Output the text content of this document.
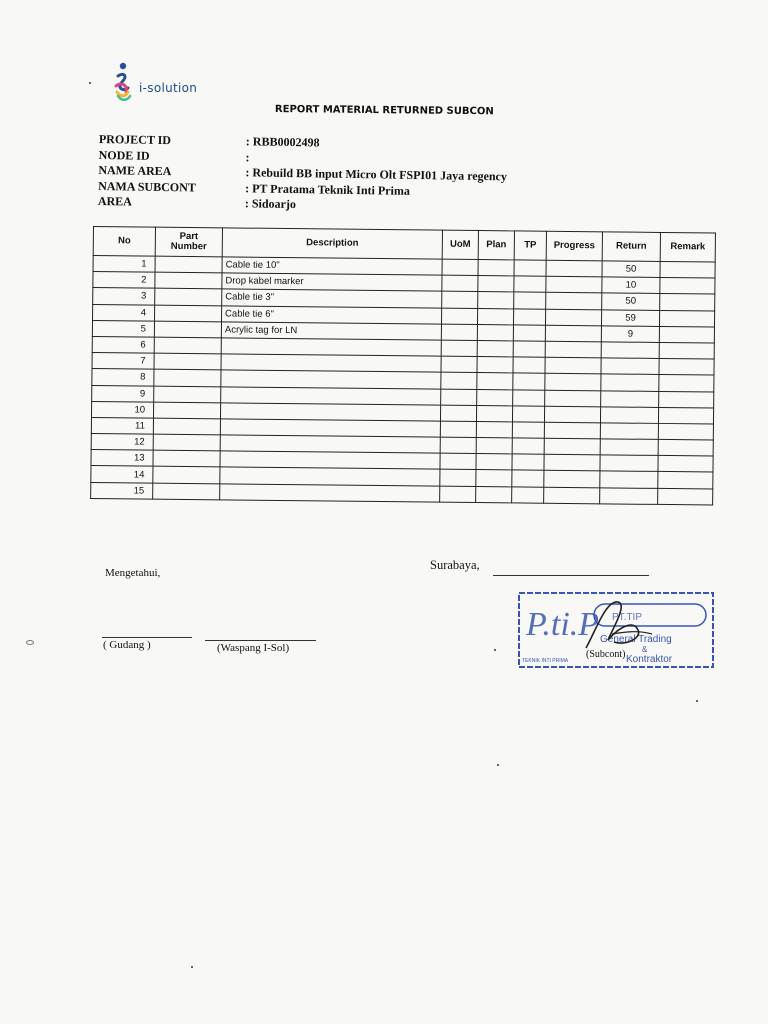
i-solution
REPORT MATERIAL RETURNED SUBCON
PROJECT ID	: RBB0002498
NODE ID	:
NAME AREA	: Rebuild BB input Micro Olt FSPI01 Jaya regency
NAMA SUBCONT	: PT Pratama Teknik Inti Prima
AREA	: Sidoarjo
No	Part Number	Description	UoM	Plan	TP	Progress	Return	Remark
1		Cable tie 10"					50	
2		Drop kabel marker					10	
3		Cable tie 3"					50	
4		Cable tie 6"					59	
5		Acrylic tag for LN					9	
6								
7								
8								
9								
10								
11								
12								
13								
14								
15								
Mengetahui,
Surabaya,
( Gudang )	(Waspang I-Sol)
P.ti.P PT.TIP
General Trading
&
Kontraktor
TEKNIK INTI PRIMA
(Subcont)
